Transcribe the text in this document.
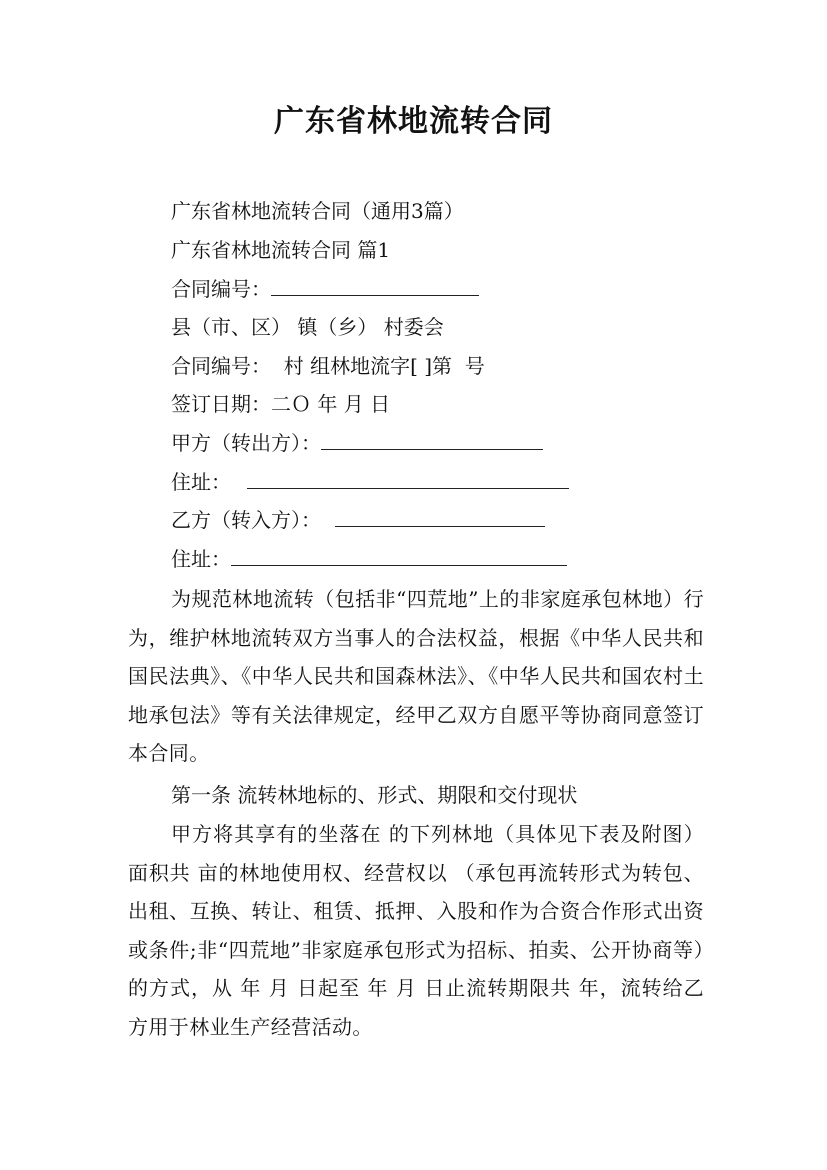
广东省林地流转合同
广东省林地流转合同（通用3篇）
广东省林地流转合同 篇1
合同编号：
县（市、区） 镇（乡） 村委会
合同编号：  村 组林地流字[ ]第  号
签订日期：二Ｏ 年 月 日
甲方（转出方）：
住址：
乙方（转入方）：
住址：
为规范林地流转（包括非“四荒地”上的非家庭承包林地）行为，维护林地流转双方当事人的合法权益，根据《中华人民共和国民法典》、《中华人民共和国森林法》、《中华人民共和国农村土地承包法》等有关法律规定，经甲乙双方自愿平等协商同意签订本合同。
第一条 流转林地标的、形式、期限和交付现状
甲方将其享有的坐落在 的下列林地（具体见下表及附图）面积共 亩的林地使用权、经营权以 （承包再流转形式为转包、出租、互换、转让、租赁、抵押、入股和作为合资合作形式出资或条件;非“四荒地”非家庭承包形式为招标、拍卖、公开协商等）的方式，从 年 月 日起至 年 月 日止流转期限共 年，流转给乙方用于林业生产经营活动。
